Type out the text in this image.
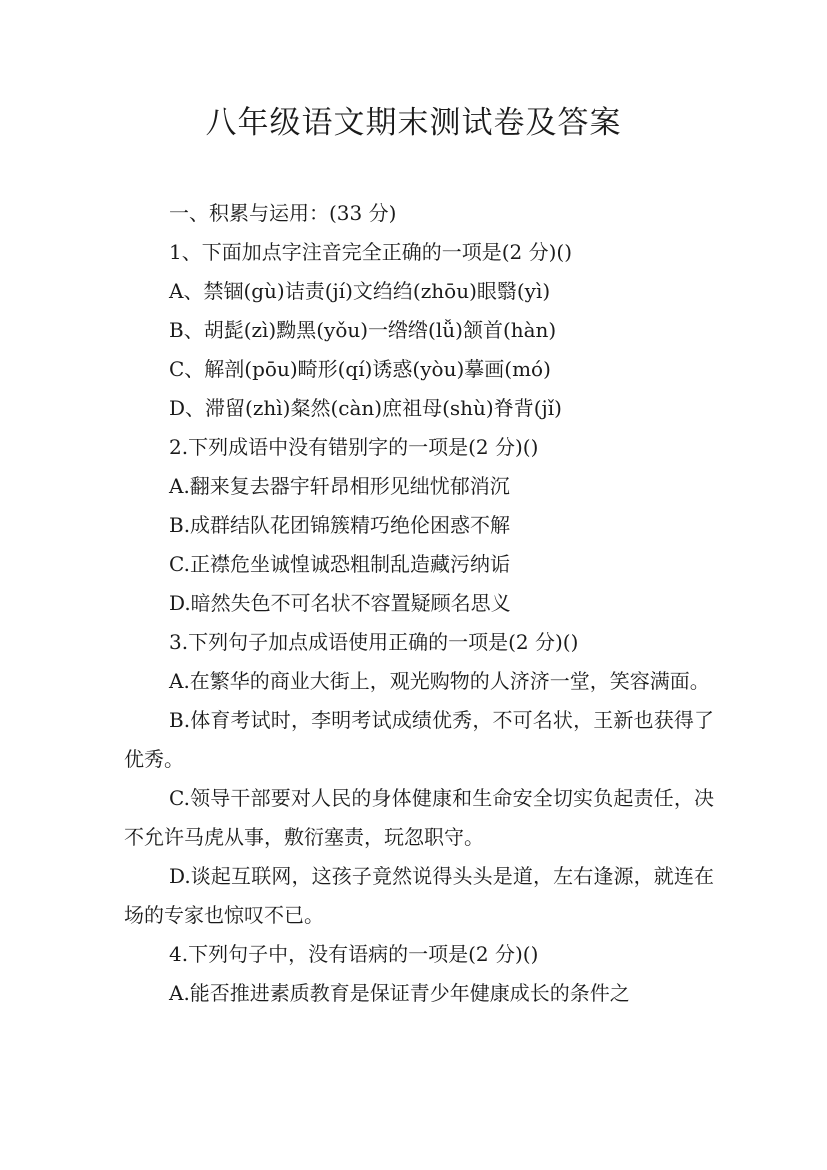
八年级语文期末测试卷及答案
一、积累与运用：(33 分)
1、下面加点字注音完全正确的一项是(2 分)()
A、禁锢(gù)诘责(jí)文绉绉(zhōu)眼翳(yì)
B、胡髭(zì)黝黑(yǒu)一绺绺(lǚ)颔首(hàn)
C、解剖(pōu)畸形(qí)诱惑(yòu)摹画(mó)
D、滞留(zhì)粲然(càn)庶祖母(shù)脊背(jǐ)
2.下列成语中没有错别字的一项是(2 分)()
A.翻来复去器宇轩昂相形见绌忧郁消沉
B.成群结队花团锦簇精巧绝伦困惑不解
C.正襟危坐诚惶诚恐粗制乱造藏污纳诟
D.暗然失色不可名状不容置疑顾名思义
3.下列句子加点成语使用正确的一项是(2 分)()
A.在繁华的商业大街上，观光购物的人济济一堂，笑容满面。
B.体育考试时，李明考试成绩优秀，不可名状，王新也获得了优秀。
C.领导干部要对人民的身体健康和生命安全切实负起责任，决不允许马虎从事，敷衍塞责，玩忽职守。
D.谈起互联网，这孩子竟然说得头头是道，左右逢源，就连在场的专家也惊叹不已。
4.下列句子中，没有语病的一项是(2 分)()
A.能否推进素质教育是保证青少年健康成长的条件之
